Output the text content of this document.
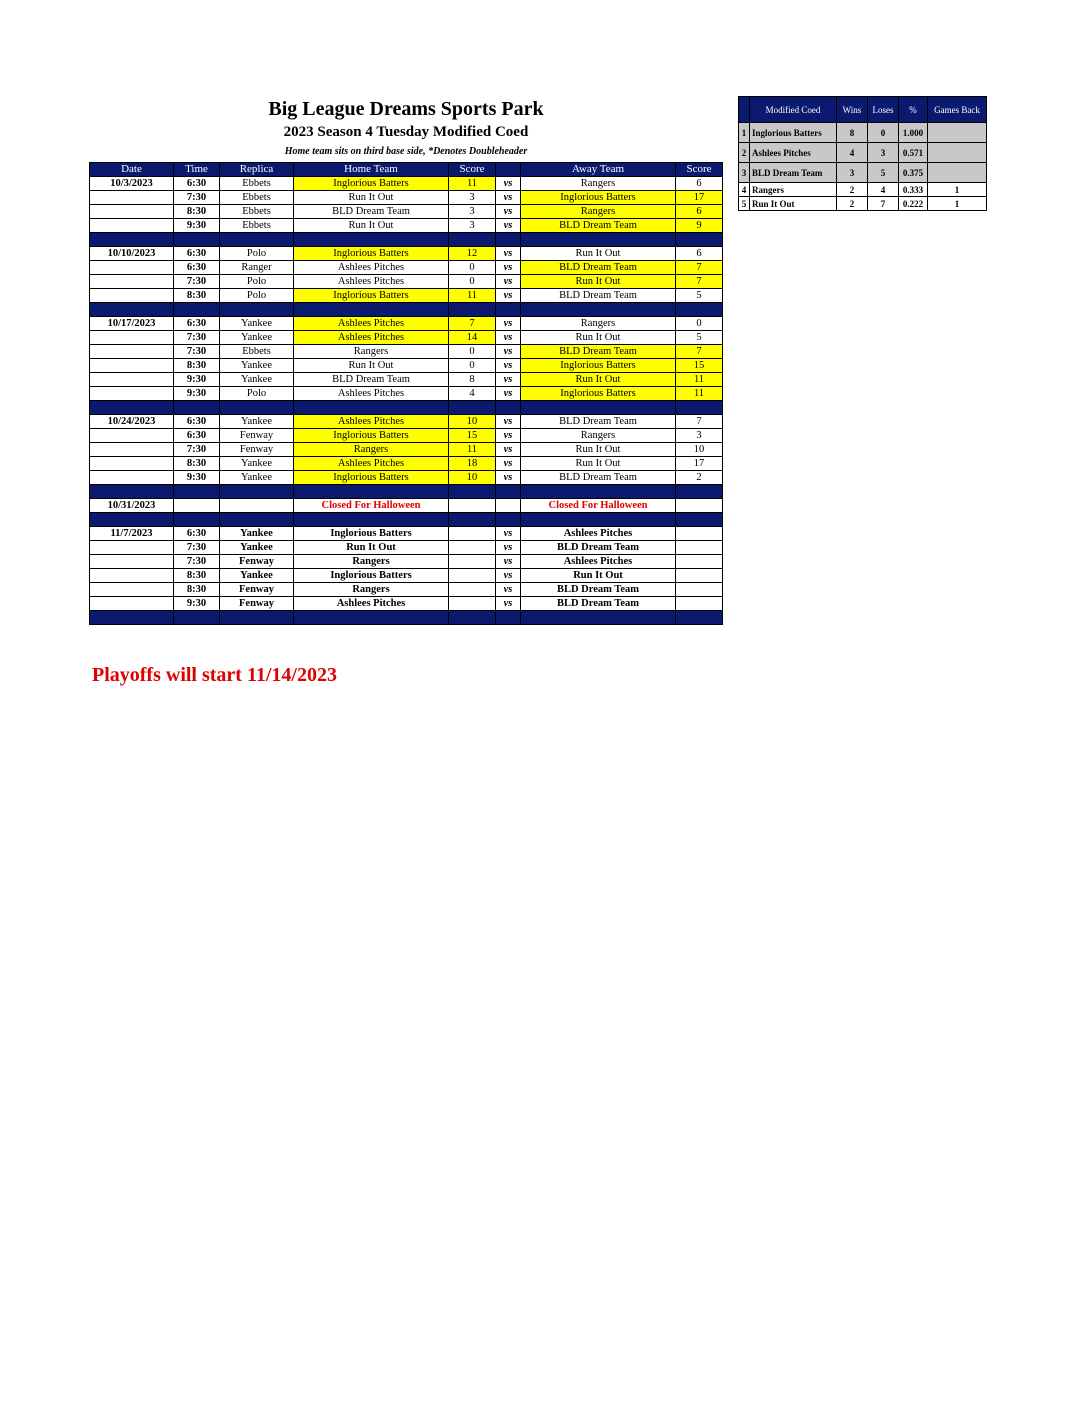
Big League Dreams Sports Park
2023 Season 4 Tuesday Modified Coed
Home team sits on third base side, *Denotes Doubleheader
Date	Time	Replica	Home Team	Score		Away Team	Score
10/3/2023	6:30	Ebbets	Inglorious Batters	11	vs	Rangers	6
	7:30	Ebbets	Run It Out	3	vs	Inglorious Batters	17
	8:30	Ebbets	BLD Dream Team	3	vs	Rangers	6
	9:30	Ebbets	Run It Out	3	vs	BLD Dream Team	9

10/10/2023	6:30	Polo	Inglorious Batters	12	vs	Run It Out	6
	6:30	Ranger	Ashlees Pitches	0	vs	BLD Dream Team	7
	7:30	Polo	Ashlees Pitches	0	vs	Run It Out	7
	8:30	Polo	Inglorious Batters	11	vs	BLD Dream Team	5

10/17/2023	6:30	Yankee	Ashlees Pitches	7	vs	Rangers	0
	7:30	Yankee	Ashlees Pitches	14	vs	Run It Out	5
	7:30	Ebbets	Rangers	0	vs	BLD Dream Team	7
	8:30	Yankee	Run It Out	0	vs	Inglorious Batters	15
	9:30	Yankee	BLD Dream Team	8	vs	Run It Out	11
	9:30	Polo	Ashlees Pitches	4	vs	Inglorious Batters	11

10/24/2023	6:30	Yankee	Ashlees Pitches	10	vs	BLD Dream Team	7
	6:30	Fenway	Inglorious Batters	15	vs	Rangers	3
	7:30	Fenway	Rangers	11	vs	Run It Out	10
	8:30	Yankee	Ashlees Pitches	18	vs	Run It Out	17
	9:30	Yankee	Inglorious Batters	10	vs	BLD Dream Team	2

10/31/2023			Closed For Halloween			Closed For Halloween	

11/7/2023	6:30	Yankee	Inglorious Batters		vs	Ashlees Pitches	
	7:30	Yankee	Run It Out		vs	BLD Dream Team	
	7:30	Fenway	Rangers		vs	Ashlees Pitches	
	8:30	Yankee	Inglorious Batters		vs	Run It Out	
	8:30	Fenway	Rangers		vs	BLD Dream Team	
	9:30	Fenway	Ashlees Pitches		vs	BLD Dream Team	

Playoffs will start 11/14/2023
	Modified Coed	Wins	Loses	%	Games Back
1	Inglorious Batters	8	0	1.000	
2	Ashlees Pitches	4	3	0.571	
3	BLD Dream Team	3	5	0.375	
4	Rangers	2	4	0.333	1
5	Run It Out	2	7	0.222	1
